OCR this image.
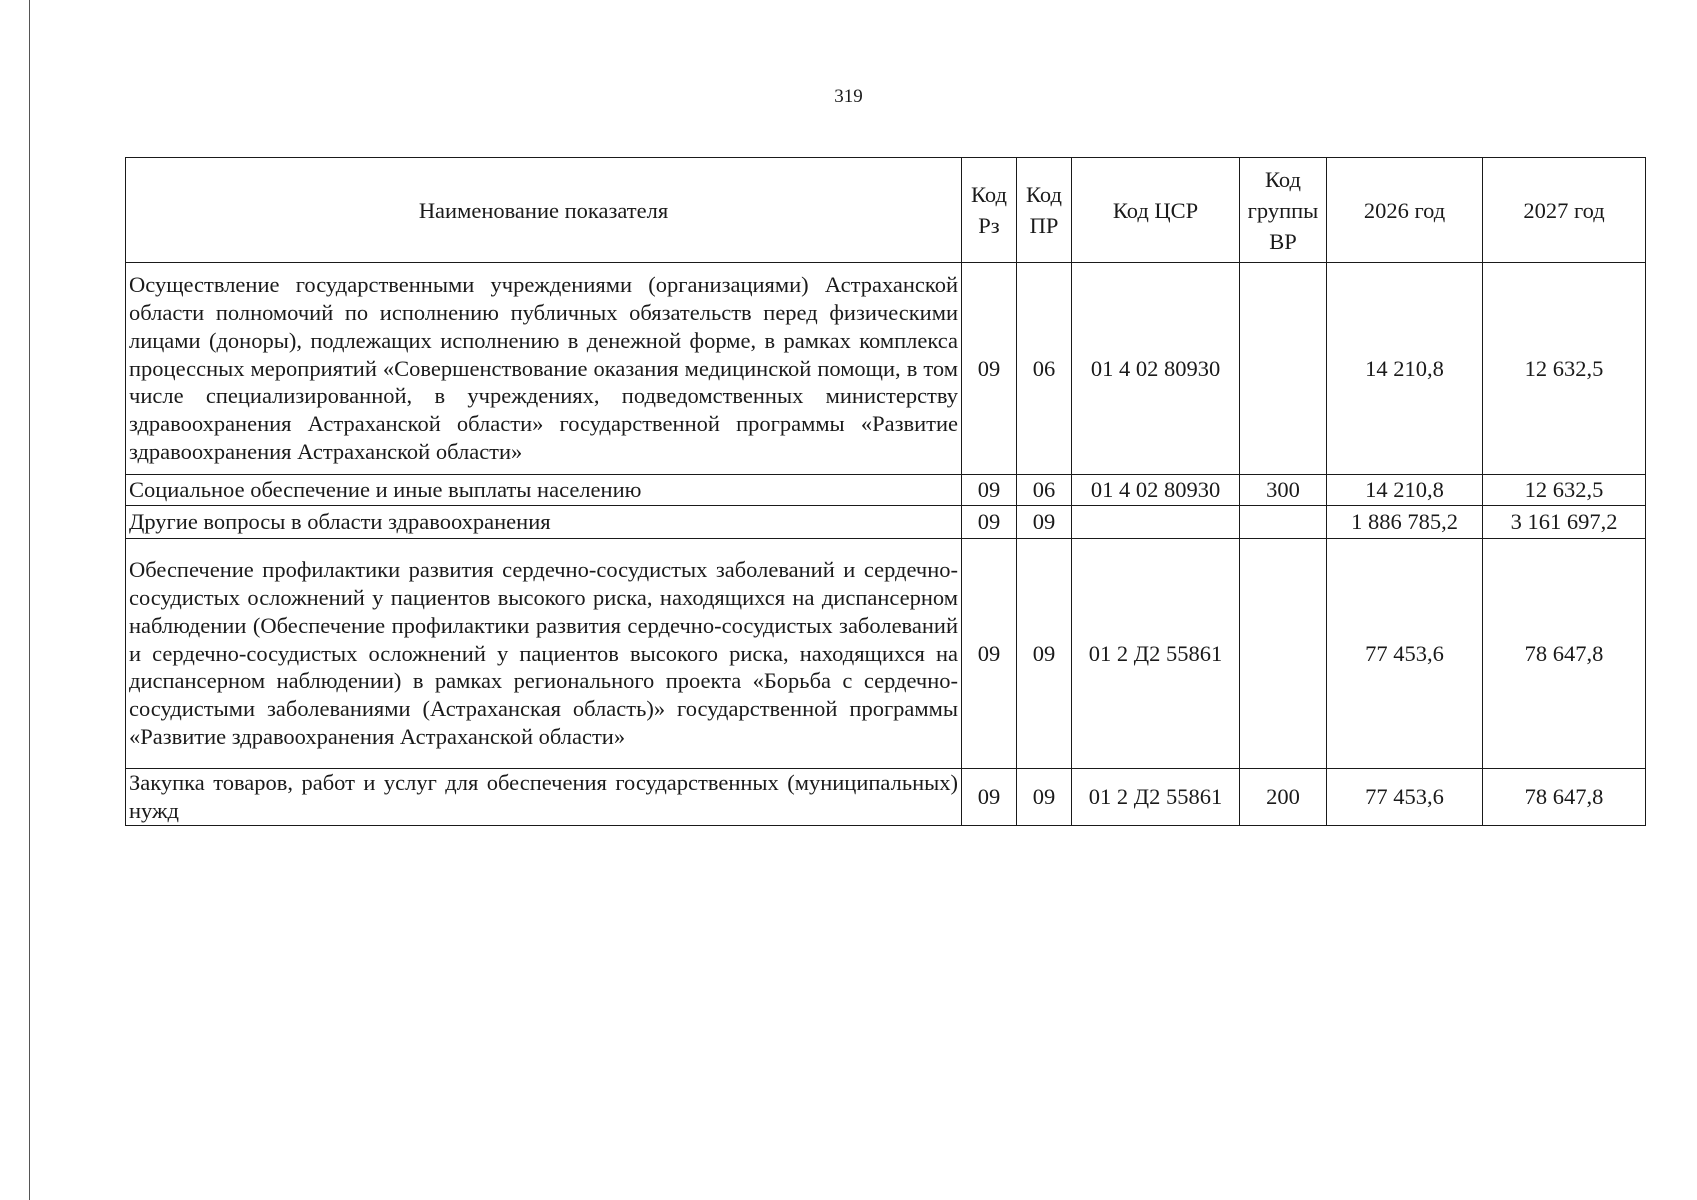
319
Наименование показателя	Код Рз	Код ПР	Код ЦСР	Код группы ВР	2026 год	2027 год
Осуществление государственными учреждениями (организациями) Астраханской области полномочий по исполнению публичных обязательств перед физическими лицами (доноры), подлежащих исполнению в денежной форме, в рамках комплекса процессных мероприятий «Совершенствование оказания медицинской помощи, в том числе специализированной, в учреждениях, подведомственных министерству здравоохранения Астраханской области» государственной программы «Развитие здравоохранения Астраханской области»	09	06	01 4 02 80930		14 210,8	12 632,5
Социальное обеспечение и иные выплаты населению	09	06	01 4 02 80930	300	14 210,8	12 632,5
Другие вопросы в области здравоохранения	09	09			1 886 785,2	3 161 697,2
Обеспечение профилактики развития сердечно-сосудистых заболеваний и сердечно-сосудистых осложнений у пациентов высокого риска, находящихся на диспансерном наблюдении (Обеспечение профилактики развития сердечно-сосудистых заболеваний и сердечно-сосудистых осложнений у пациентов высокого риска, находящихся на диспансерном наблюдении) в рамках регионального проекта «Борьба с сердечно-сосудистыми заболеваниями (Астраханская область)» государственной программы «Развитие здравоохранения Астраханской области»	09	09	01 2 Д2 55861		77 453,6	78 647,8
Закупка товаров, работ и услуг для обеспечения государственных (муниципальных) нужд	09	09	01 2 Д2 55861	200	77 453,6	78 647,8
